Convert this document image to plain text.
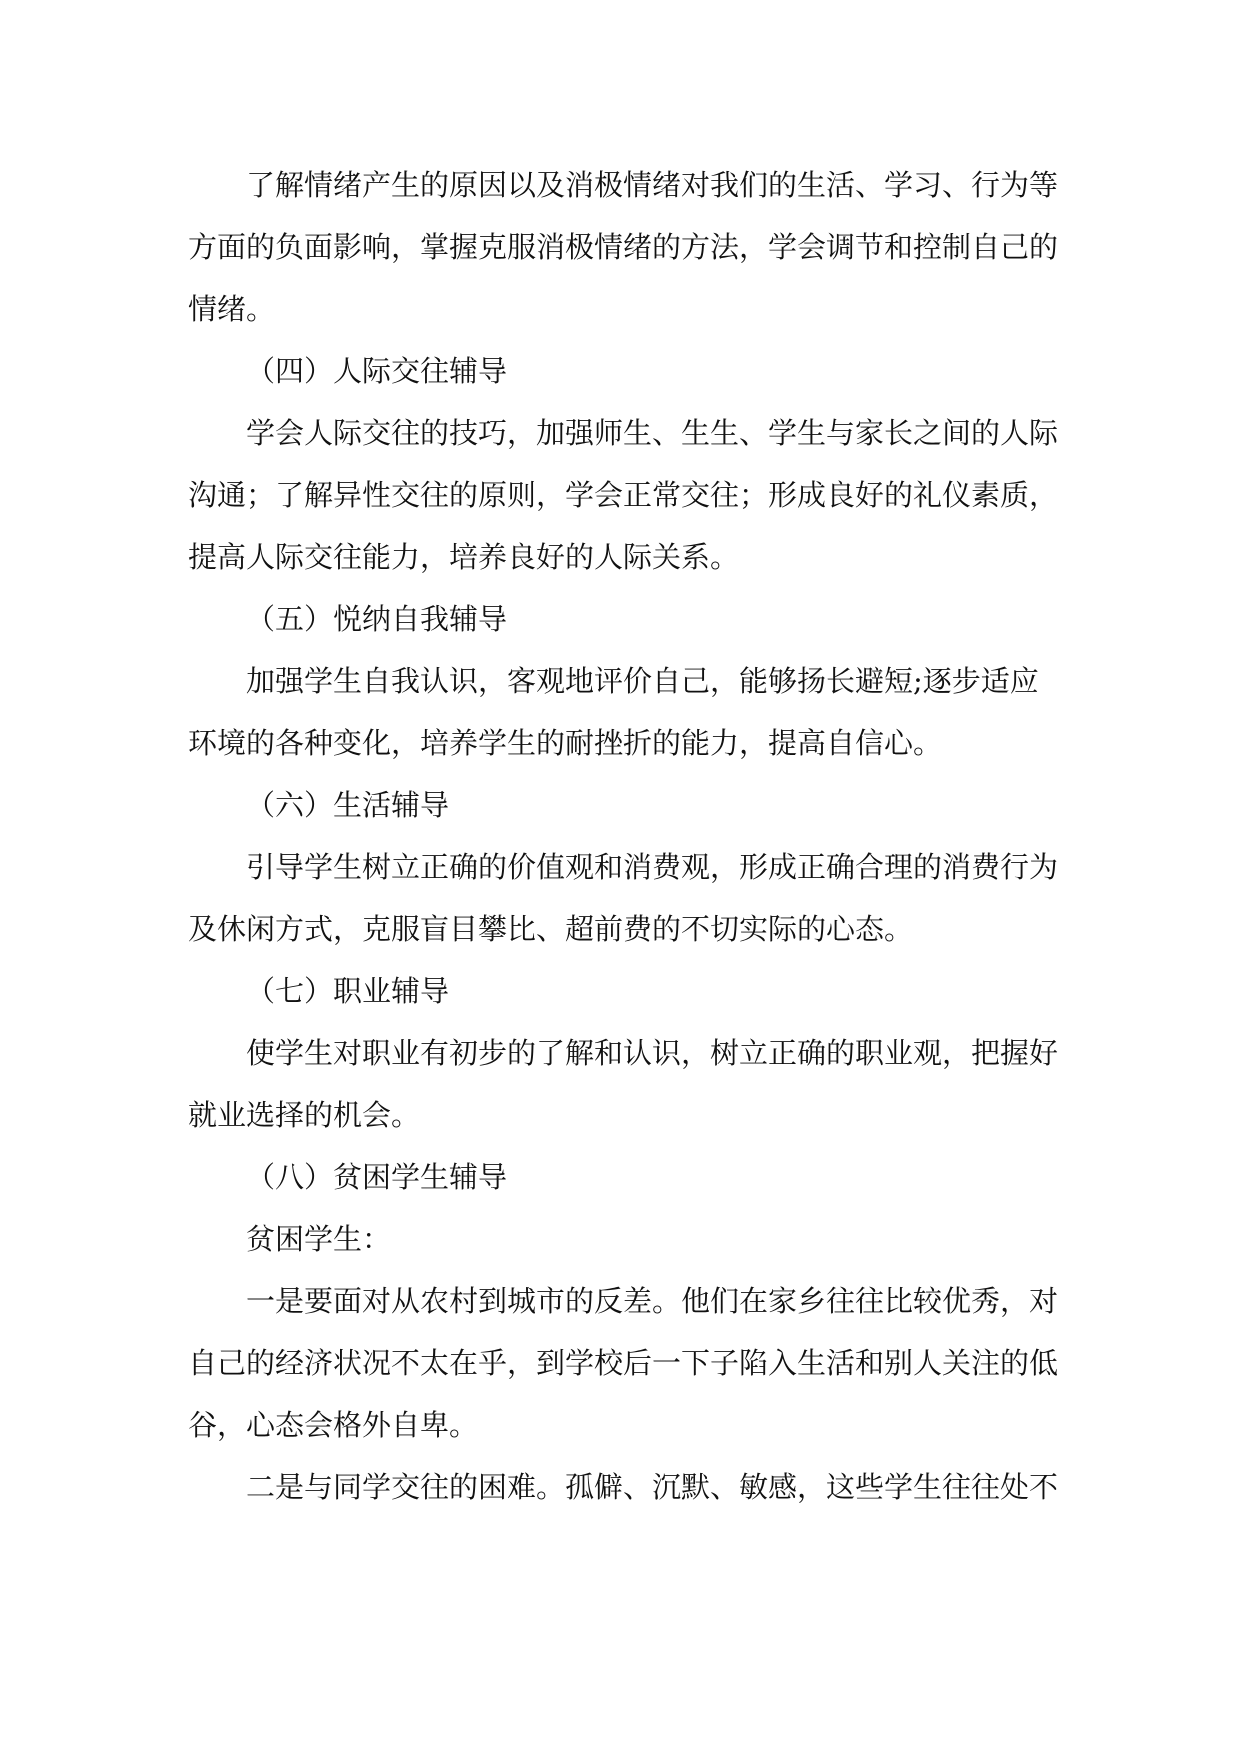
了解情绪产生的原因以及消极情绪对我们的生活、学习、行为等
方面的负面影响，掌握克服消极情绪的方法，学会调节和控制自己的
情绪。
（四）人际交往辅导
学会人际交往的技巧，加强师生、生生、学生与家长之间的人际
沟通；了解异性交往的原则，学会正常交往；形成良好的礼仪素质，
提高人际交往能力，培养良好的人际关系。
（五）悦纳自我辅导
加强学生自我认识，客观地评价自己，能够扬长避短;逐步适应
环境的各种变化，培养学生的耐挫折的能力，提高自信心。
（六）生活辅导
引导学生树立正确的价值观和消费观，形成正确合理的消费行为
及休闲方式，克服盲目攀比、超前费的不切实际的心态。
（七）职业辅导
使学生对职业有初步的了解和认识，树立正确的职业观，把握好
就业选择的机会。
（八）贫困学生辅导
贫困学生：
一是要面对从农村到城市的反差。他们在家乡往往比较优秀，对
自己的经济状况不太在乎，到学校后一下子陷入生活和别人关注的低
谷，心态会格外自卑。
二是与同学交往的困难。孤僻、沉默、敏感，这些学生往往处不
